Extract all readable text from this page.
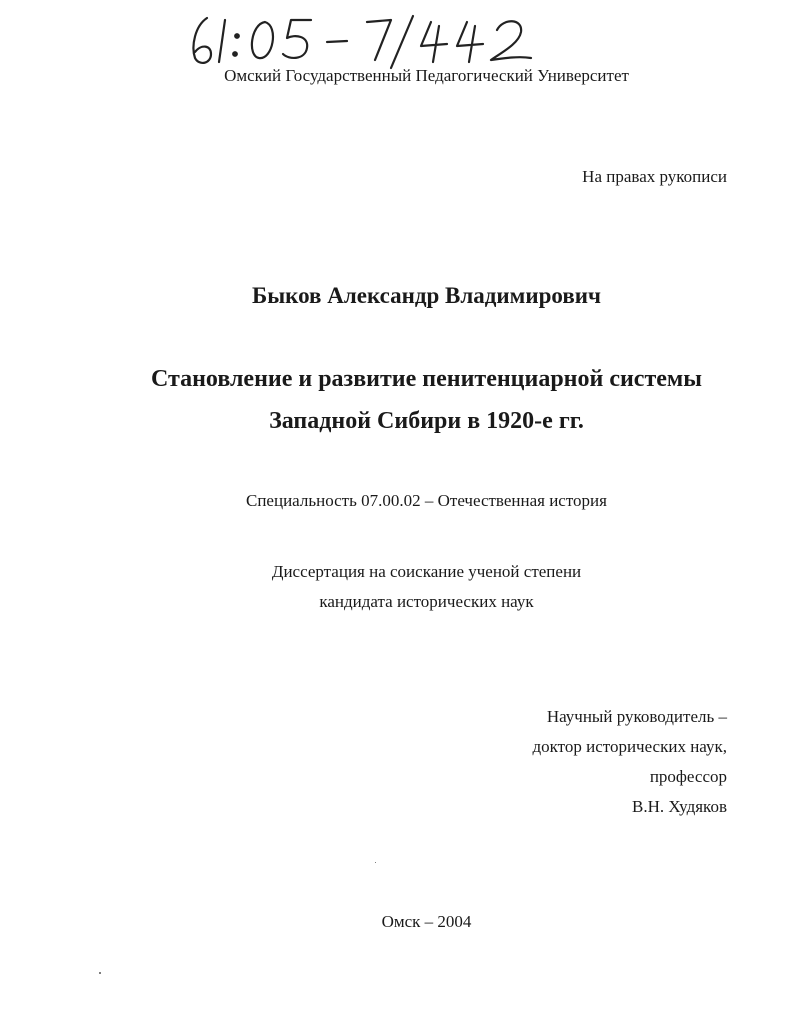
Омский Государственный Педагогический Университет
На правах рукописи
Быков Александр Владимирович
Становление и развитие пенитенциарной системы
Западной Сибири в 1920-е гг.
Специальность 07.00.02 – Отечественная история
Диссертация на соискание ученой степени
кандидата исторических наук
Научный руководитель –
доктор исторических наук,
профессор
В.Н. Худяков
Омск – 2004
